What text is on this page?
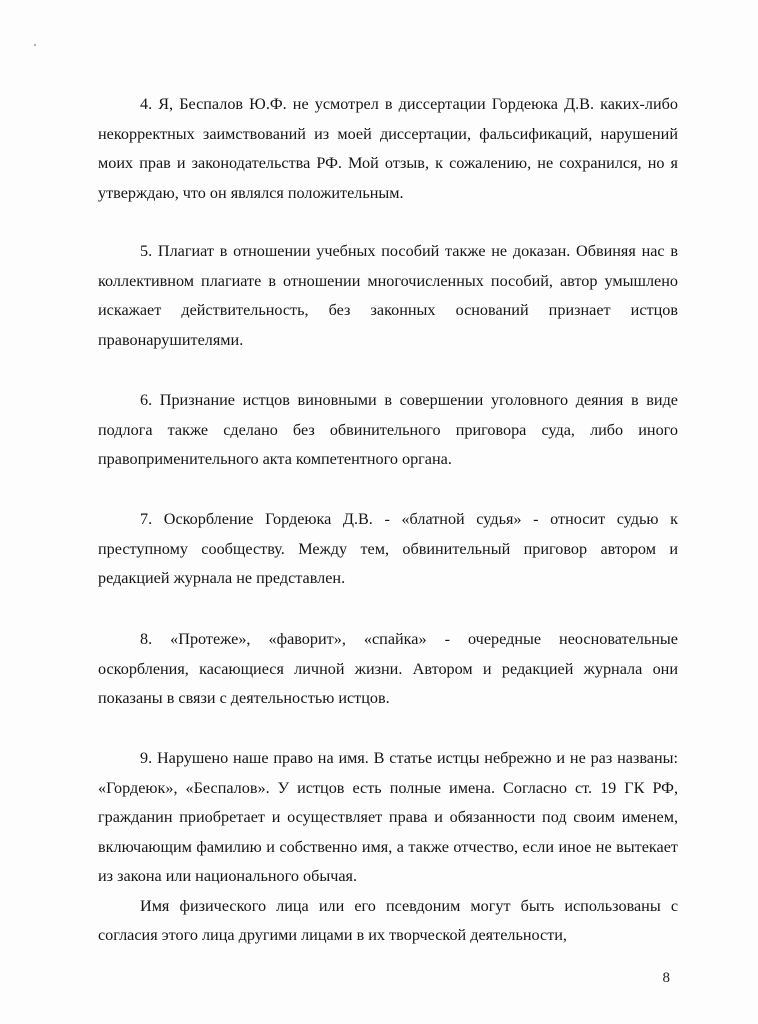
4. Я, Беспалов Ю.Ф. не усмотрел в диссертации Гордеюка Д.В. каких-либо некорректных заимствований из моей диссертации, фальсификаций, нарушений моих прав и законодательства РФ. Мой отзыв, к сожалению, не сохранился, но я утверждаю, что он являлся положительным.

5. Плагиат в отношении учебных пособий также не доказан. Обвиняя нас в коллективном плагиате в отношении многочисленных пособий, автор умышлено искажает действительность, без законных оснований признает истцов правонарушителями.

6. Признание истцов виновными в совершении уголовного деяния в виде подлога также сделано без обвинительного приговора суда, либо иного правоприменительного акта компетентного органа.

7. Оскорбление Гордеюка Д.В. - «блатной судья» - относит судью к преступному сообществу. Между тем, обвинительный приговор автором и редакцией журнала не представлен.

8. «Протеже», «фаворит», «спайка» - очередные неосновательные оскорбления, касающиеся личной жизни. Автором и редакцией журнала они показаны в связи с деятельностью истцов.

9. Нарушено наше право на имя. В статье истцы небрежно и не раз названы: «Гордеюк», «Беспалов». У истцов есть полные имена. Согласно ст. 19 ГК РФ, гражданин приобретает и осуществляет права и обязанности под своим именем, включающим фамилию и собственно имя, а также отчество, если иное не вытекает из закона или национального обычая.

Имя физического лица или его псевдоним могут быть использованы с согласия этого лица другими лицами в их творческой деятельности,

8
